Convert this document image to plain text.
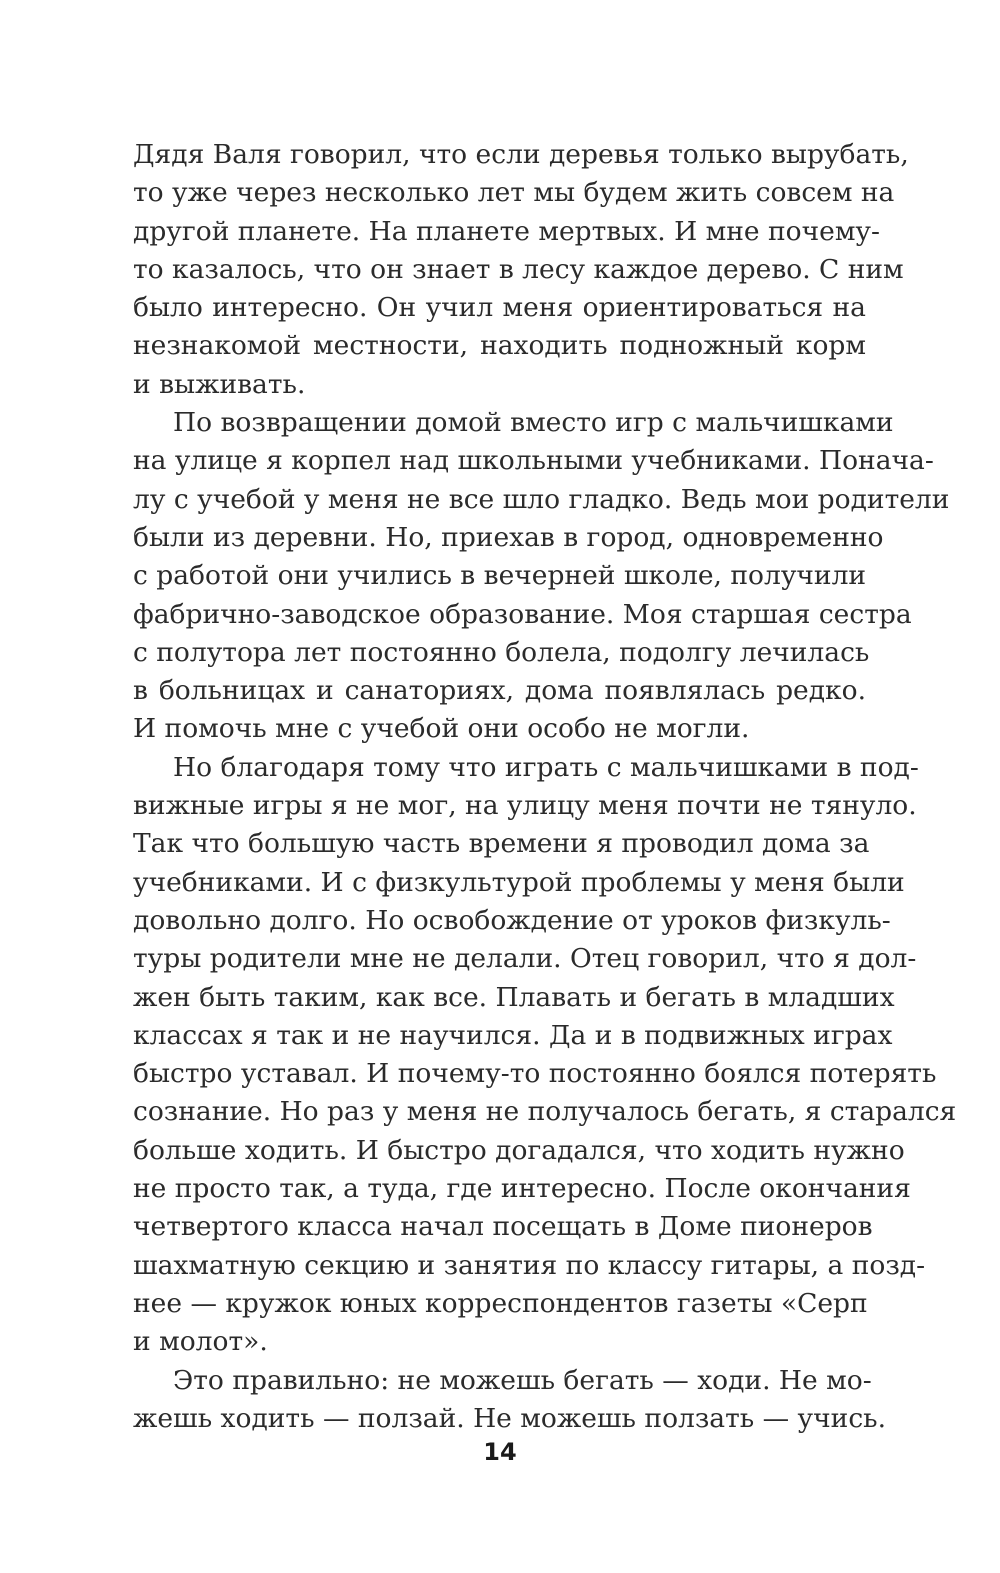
Дядя Валя говорил, что если деревья только вырубать,
то уже через несколько лет мы будем жить совсем на
другой планете. На планете мертвых. И мне почему-
то казалось, что он знает в лесу каждое дерево. С ним
было интересно. Он учил меня ориентироваться на
незнакомой местности, находить подножный корм
и выживать.
По возвращении домой вместо игр с мальчишками
на улице я корпел над школьными учебниками. Поначa-
лу с учебой у меня не все шло гладко. Ведь мои родители
были из деревни. Но, приехав в город, одновременно
с работой они учились в вечерней школе, получили
фабрично-заводское образование. Моя старшая сестра
с полутора лет постоянно болела, подолгу лечилась
в больницах и санаториях, дома появлялась редко.
И помочь мне с учебой они особо не могли.
Но благодаря тому что играть с мальчишками в под-
вижные игры я не мог, на улицу меня почти не тянуло.
Так что большую часть времени я проводил дома за
учебниками. И с физкультурой проблемы у меня были
довольно долго. Но освобождение от уроков физкуль-
туры родители мне не делали. Отец говорил, что я дол-
жен быть таким, как все. Плавать и бегать в младших
классах я так и не научился. Да и в подвижных играх
быстро уставал. И почему-то постоянно боялся потерять
сознание. Но раз у меня не получалось бегать, я старался
больше ходить. И быстро догадался, что ходить нужно
не просто так, а туда, где интересно. После окончания
четвертого класса начал посещать в Доме пионеров
шахматную секцию и занятия по классу гитары, а позд-
нее — кружок юных корреспондентов газеты «Серп
и молот».
Это правильно: не можешь бегать — ходи. Не мо-
жешь ходить — ползай. Не можешь ползать — учись.
14
